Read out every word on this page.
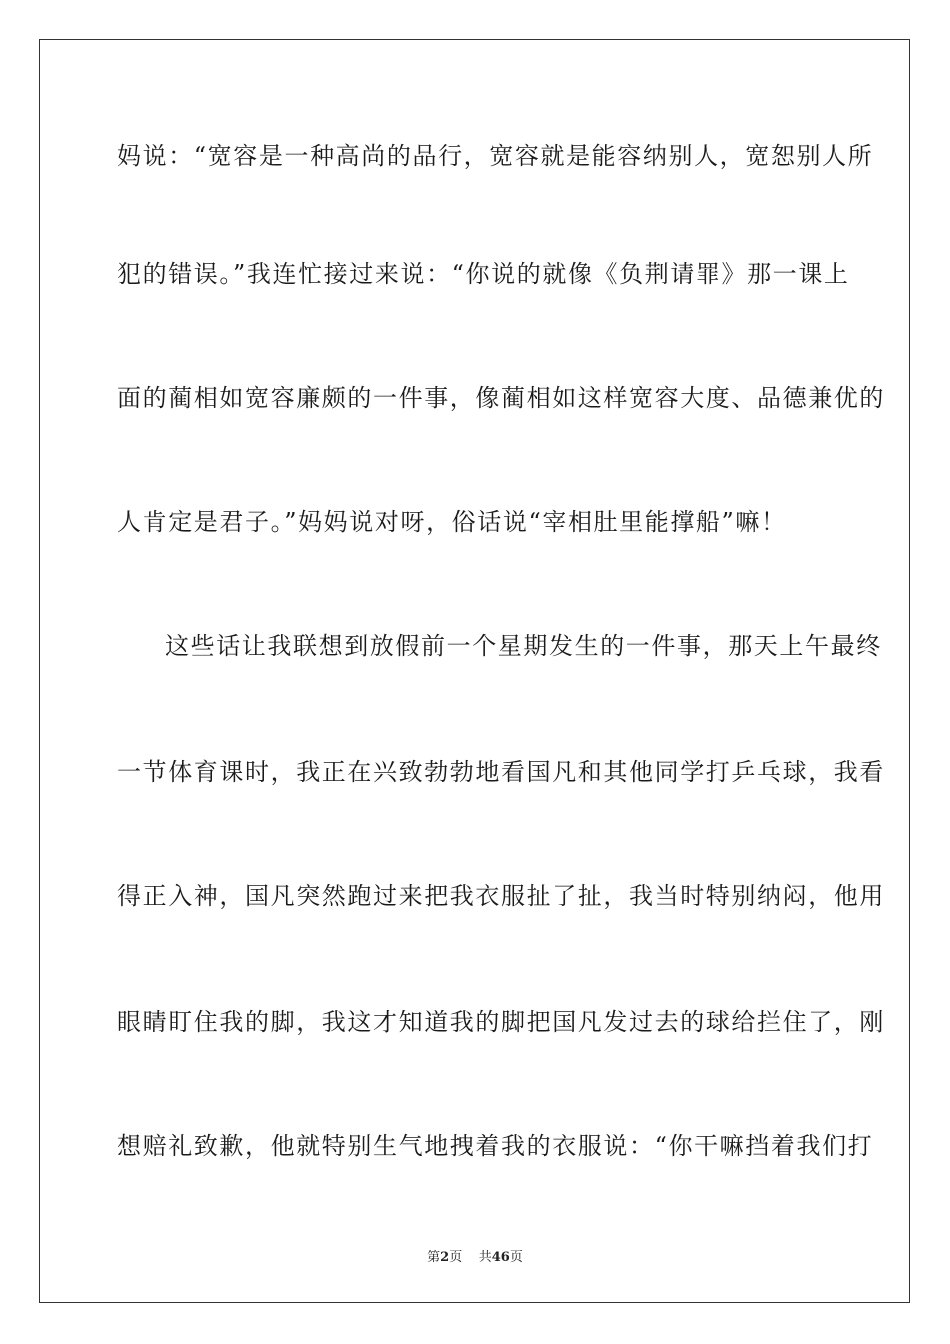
妈说：“宽容是一种高尚的品行，宽容就是能容纳别人，宽恕别人所
犯的错误。”我连忙接过来说：“你说的就像《负荆请罪》那一课上
面的蔺相如宽容廉颇的一件事，像蔺相如这样宽容大度、品德兼优的
人肯定是君子。”妈妈说对呀，俗话说“宰相肚里能撑船”嘛！
这些话让我联想到放假前一个星期发生的一件事，那天上午最终
一节体育课时，我正在兴致勃勃地看国凡和其他同学打乒乓球，我看
得正入神，国凡突然跑过来把我衣服扯了扯，我当时特别纳闷，他用
眼睛盯住我的脚，我这才知道我的脚把国凡发过去的球给拦住了，刚
想赔礼致歉，他就特别生气地拽着我的衣服说：“你干嘛挡着我们打
第2页 共46页
